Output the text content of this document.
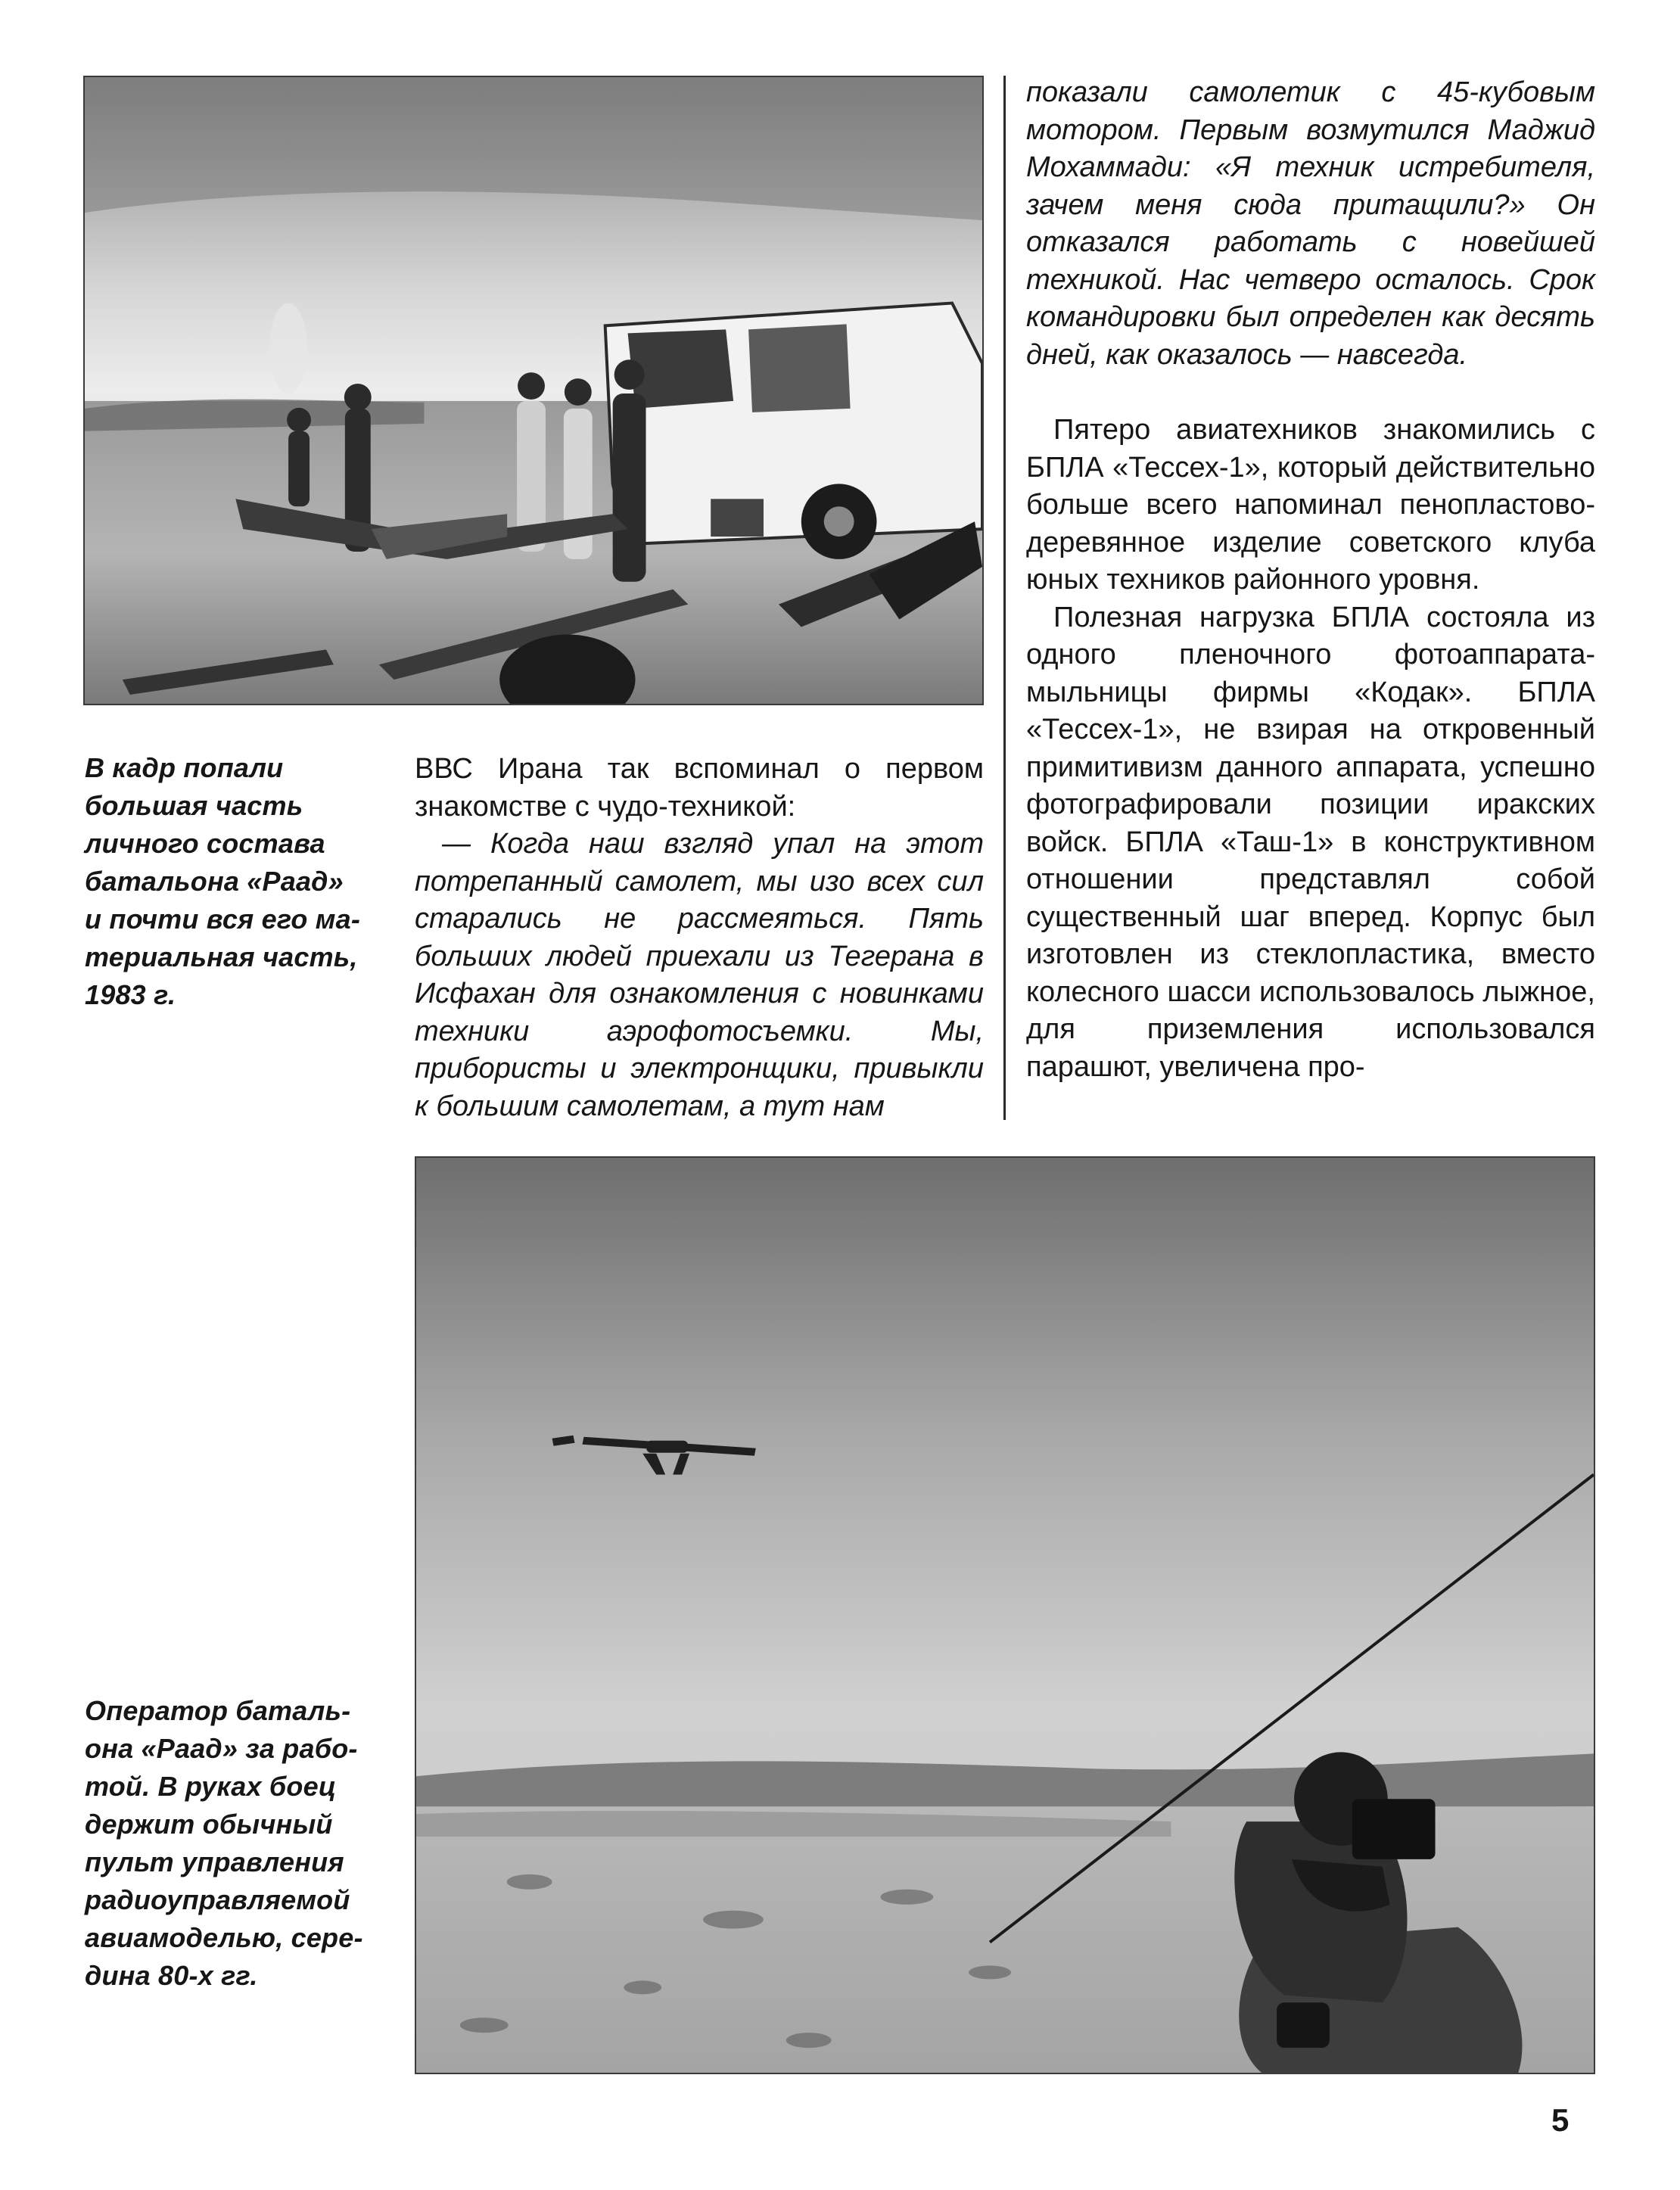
В кадр попали

большая часть

личного состава

батальона «Раад»

и почти вся его ма-

териальная часть,

1983 г.

ВВС Ирана так вспоминал о первом знакомстве с чудо-техникой:

— Когда наш взгляд упал на этот потрепанный самолет, мы изо всех сил старались не рассмеяться. Пять больших людей приехали из Тегерана в Исфахан для ознакомления с новинками техники аэрофотосъемки. Мы, прибористы и электронщики, привыкли к большим самолетам, а тут нам

показали самолетик с 45-кубовым мотором. Первым возмутился Маджид Мохаммади: «Я техник истребителя, зачем меня сюда притащили?» Он отказался работать с новейшей техникой. Нас четверо осталось. Срок командировки был определен как десять дней, как оказалось — навсегда.

Пятеро авиатехников знакомились с БПЛА «Тессех-1», который действительно больше всего напоминал пенопластово-деревянное изделие советского клуба юных техников районного уровня.

Полезная нагрузка БПЛА состояла из одного пленочного фотоаппарата-мыльницы фирмы «Кодак». БПЛА «Тессех-1», не взирая на откровенный примитивизм данного аппарата, успешно фотографировали позиции иракских войск. БПЛА «Таш-1» в конструктивном отношении представлял собой существенный шаг вперед. Корпус был изготовлен из стеклопластика, вместо колесного шасси использовалось лыжное, для приземления использовался парашют, увеличена про-

Оператор баталь-

она «Раад» за рабо-

той. В руках боец

держит обычный

пульт управления

радиоуправляемой

авиамоделью, сере-

дина 80-х гг.

5
